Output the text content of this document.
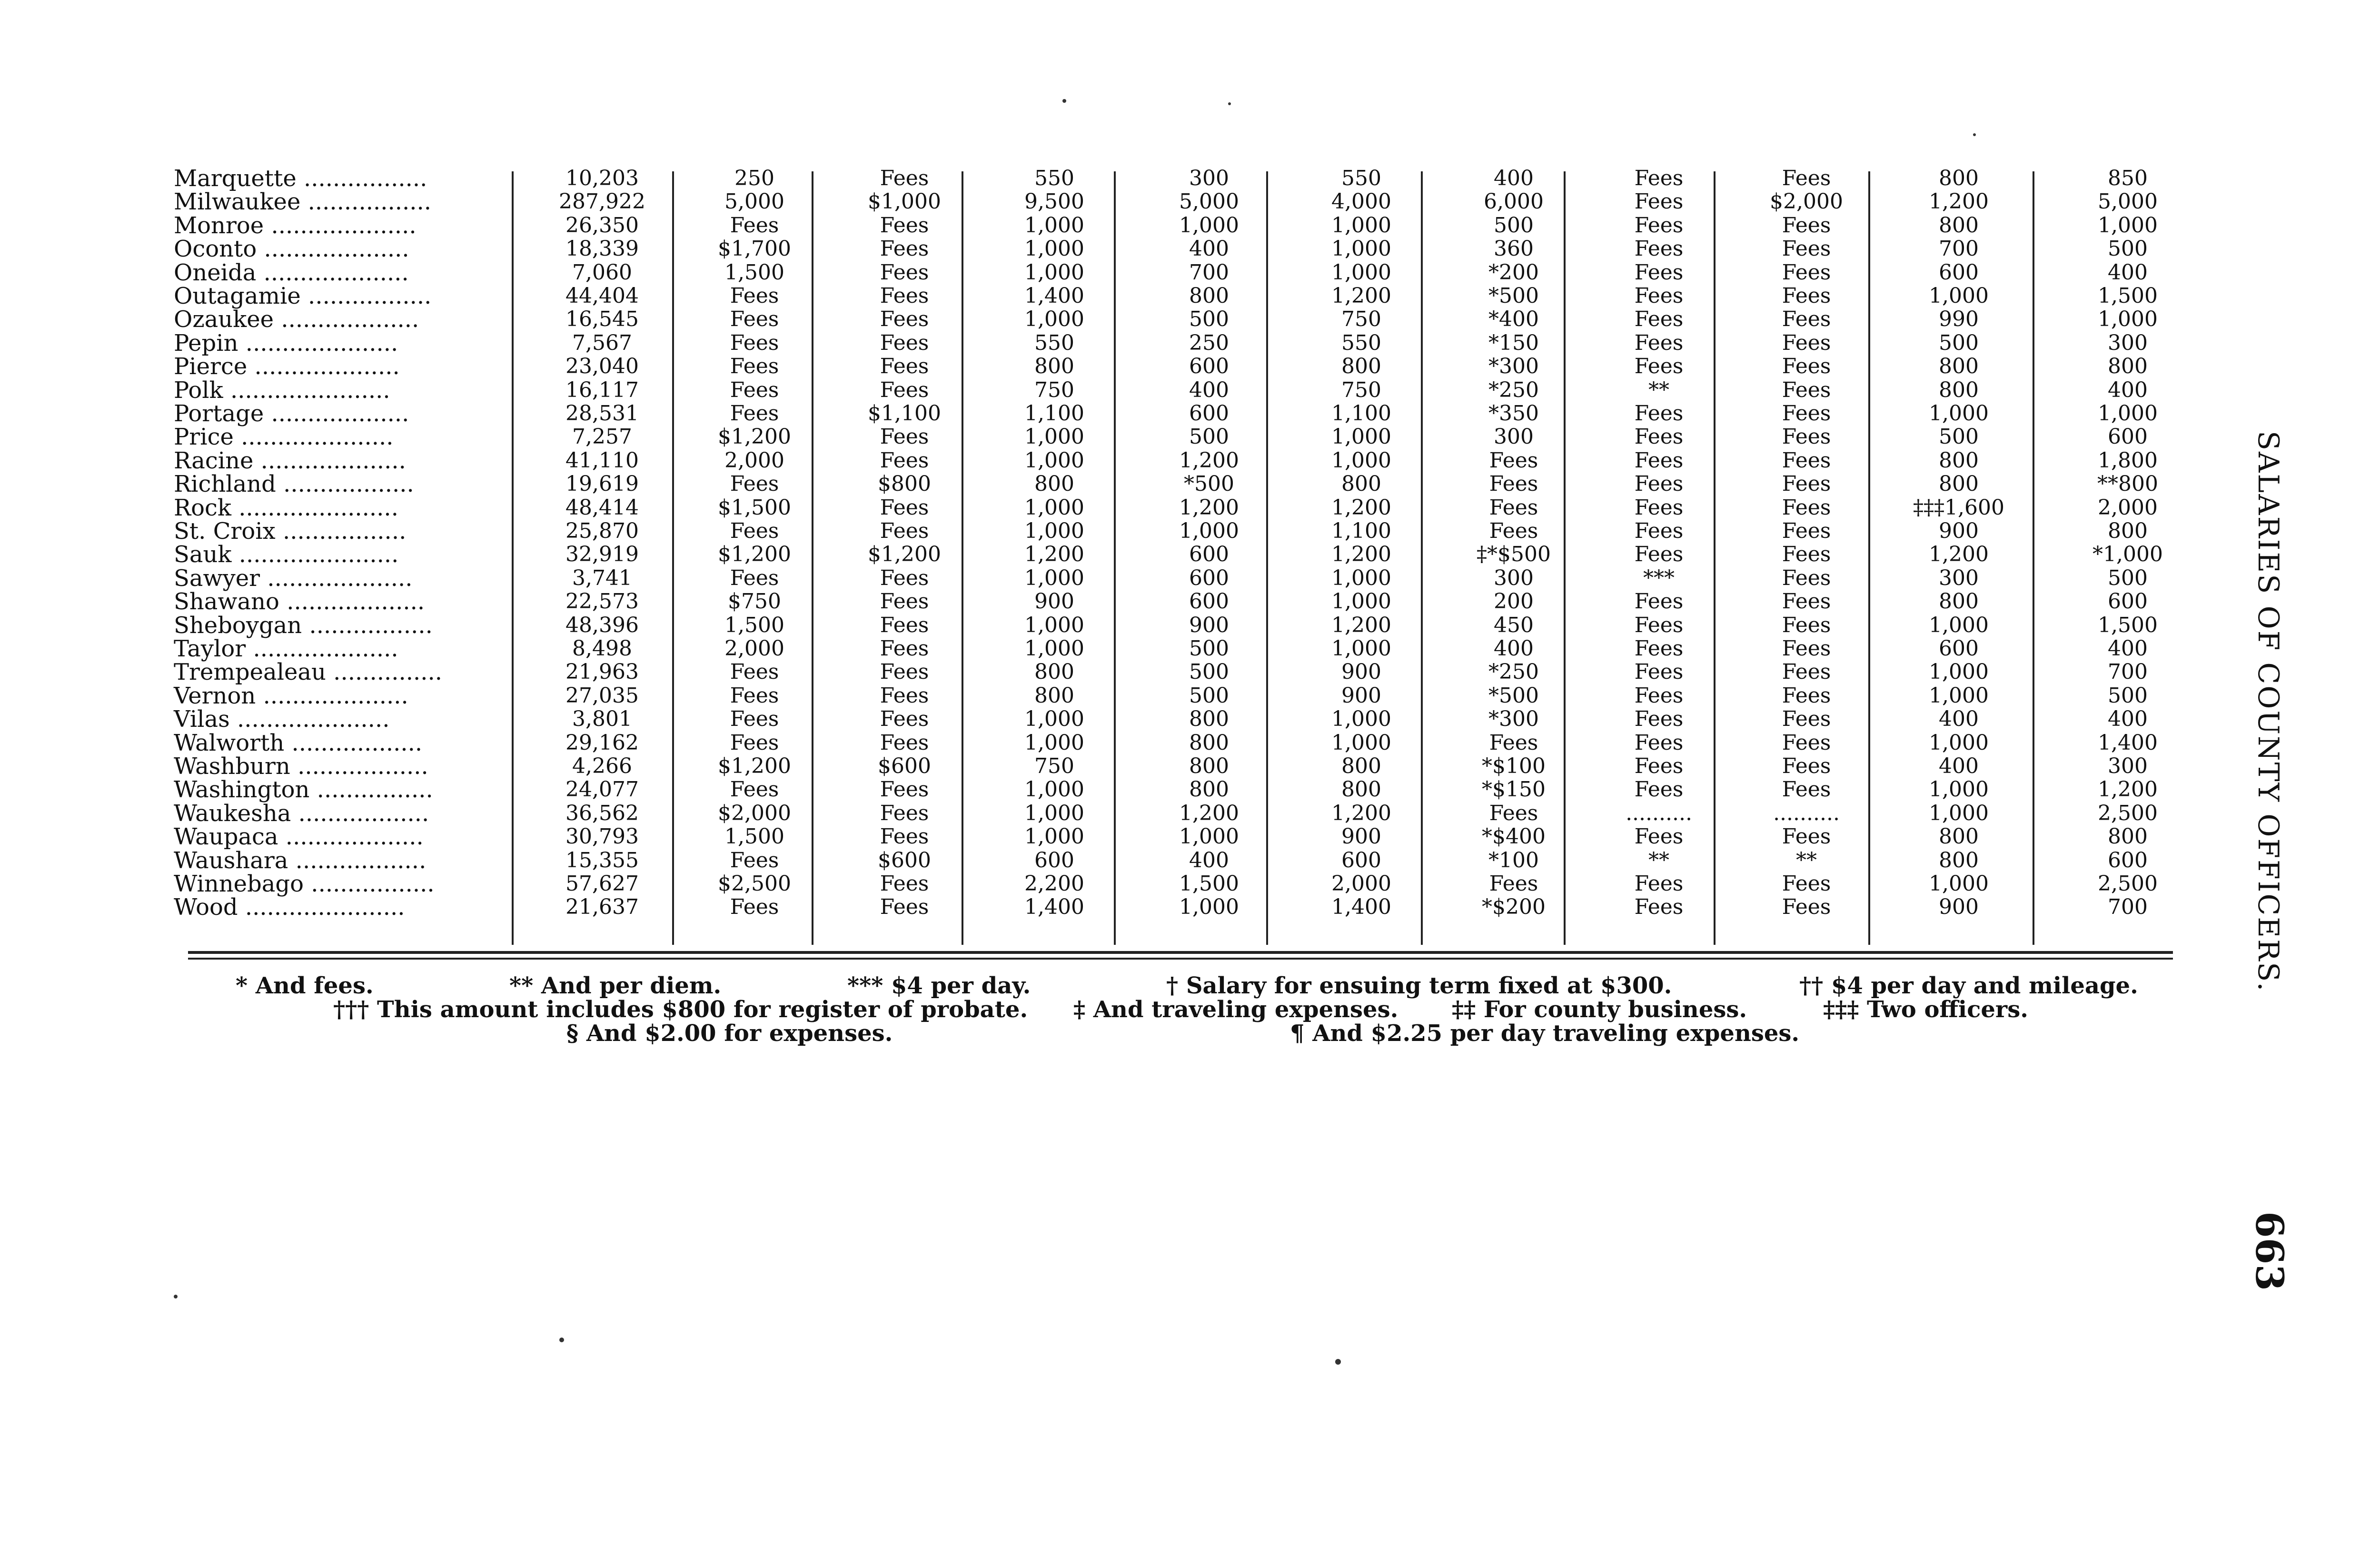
Marquette .................	10,203	250	Fees	550	300	550	400	Fees	Fees	800	850
Milwaukee .................	287,922	5,000	$1,000	9,500	5,000	4,000	6,000	Fees	$2,000	1,200	5,000
Monroe ....................	26,350	Fees	Fees	1,000	1,000	1,000	500	Fees	Fees	800	1,000
Oconto ....................	18,339	$1,700	Fees	1,000	400	1,000	360	Fees	Fees	700	500
Oneida ....................	7,060	1,500	Fees	1,000	700	1,000	*200	Fees	Fees	600	400
Outagamie .................	44,404	Fees	Fees	1,400	800	1,200	*500	Fees	Fees	1,000	1,500
Ozaukee ...................	16,545	Fees	Fees	1,000	500	750	*400	Fees	Fees	990	1,000
Pepin .....................	7,567	Fees	Fees	550	250	550	*150	Fees	Fees	500	300
Pierce ....................	23,040	Fees	Fees	800	600	800	*300	Fees	Fees	800	800
Polk ......................	16,117	Fees	Fees	750	400	750	*250	**	Fees	800	400
Portage ...................	28,531	Fees	$1,100	1,100	600	1,100	*350	Fees	Fees	1,000	1,000
Price .....................	7,257	$1,200	Fees	1,000	500	1,000	300	Fees	Fees	500	600
Racine ....................	41,110	2,000	Fees	1,000	1,200	1,000	Fees	Fees	Fees	800	1,800
Richland ..................	19,619	Fees	$800	800	*500	800	Fees	Fees	Fees	800	**800
Rock ......................	48,414	$1,500	Fees	1,000	1,200	1,200	Fees	Fees	Fees	‡‡‡1,600	2,000
St. Croix .................	25,870	Fees	Fees	1,000	1,000	1,100	Fees	Fees	Fees	900	800
Sauk ......................	32,919	$1,200	$1,200	1,200	600	1,200	‡*$500	Fees	Fees	1,200	*1,000
Sawyer ....................	3,741	Fees	Fees	1,000	600	1,000	300	***	Fees	300	500
Shawano ...................	22,573	$750	Fees	900	600	1,000	200	Fees	Fees	800	600
Sheboygan .................	48,396	1,500	Fees	1,000	900	1,200	450	Fees	Fees	1,000	1,500
Taylor ....................	8,498	2,000	Fees	1,000	500	1,000	400	Fees	Fees	600	400
Trempealeau ...............	21,963	Fees	Fees	800	500	900	*250	Fees	Fees	1,000	700
Vernon ....................	27,035	Fees	Fees	800	500	900	*500	Fees	Fees	1,000	500
Vilas .....................	3,801	Fees	Fees	1,000	800	1,000	*300	Fees	Fees	400	400
Walworth ..................	29,162	Fees	Fees	1,000	800	1,000	Fees	Fees	Fees	1,000	1,400
Washburn ..................	4,266	$1,200	$600	750	800	800	*$100	Fees	Fees	400	300
Washington ................	24,077	Fees	Fees	1,000	800	800	*$150	Fees	Fees	1,000	1,200
Waukesha ..................	36,562	$2,000	Fees	1,000	1,200	1,200	Fees	..........	..........	1,000	2,500
Waupaca ...................	30,793	1,500	Fees	1,000	1,000	900	*$400	Fees	Fees	800	800
Waushara ..................	15,355	Fees	$600	600	400	600	*100	**	**	800	600
Winnebago .................	57,627	$2,500	Fees	2,200	1,500	2,000	Fees	Fees	Fees	1,000	2,500
Wood ......................	21,637	Fees	Fees	1,400	1,000	1,400	*$200	Fees	Fees	900	700
* And fees.	** And per diem.	*** $4 per day.	† Salary for ensuing term fixed at $300.	†† $4 per day and mileage.
††† This amount includes $800 for register of probate. ‡ And traveling expenses. ‡‡ For county business.	‡‡‡ Two officers.
§ And $2.00 for expenses.	¶ And $2.25 per day traveling expenses.
SALARIES OF COUNTY OFFICERS.
663
